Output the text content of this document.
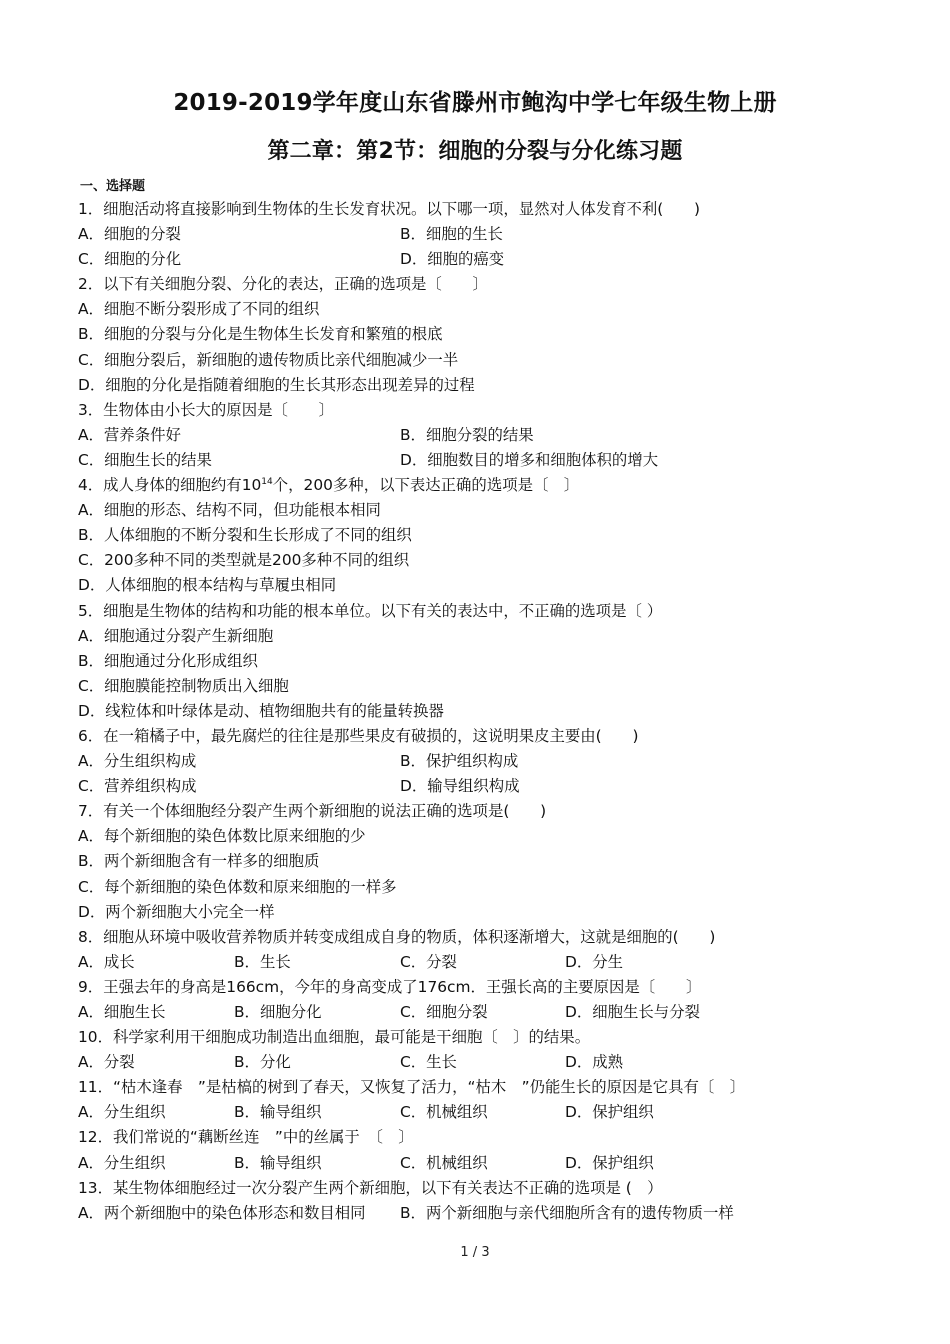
2019-2019学年度山东省滕州市鲍沟中学七年级生物上册
第二章：第2节：细胞的分裂与分化练习题
一、选择题
1．细胞活动将直接影响到生物体的生长发育状况。以下哪一项，显然对人体发育不利(　　)
A．细胞的分裂	B．细胞的生长
C．细胞的分化	D．细胞的癌变
2．以下有关细胞分裂、分化的表达，正确的选项是〔　　〕
A．细胞不断分裂形成了不同的组织
B．细胞的分裂与分化是生物体生长发育和繁殖的根底
C．细胞分裂后，新细胞的遗传物质比亲代细胞减少一半
D．细胞的分化是指随着细胞的生长其形态出现差异的过程
3．生物体由小长大的原因是〔　　〕
A．营养条件好	B．细胞分裂的结果
C．细胞生长的结果	D．细胞数目的增多和细胞体积的增大
4．成人身体的细胞约有$10^{14}$个，200多种，以下表达正确的选项是〔　〕
A．细胞的形态、结构不同，但功能根本相同
B．人体细胞的不断分裂和生长形成了不同的组织
C．200多种不同的类型就是200多种不同的组织
D．人体细胞的根本结构与草履虫相同
5．细胞是生物体的结构和功能的根本单位。以下有关的表达中，不正确的选项是〔 ）
A．细胞通过分裂产生新细胞
B．细胞通过分化形成组织
C．细胞膜能控制物质出入细胞
D．线粒体和叶绿体是动、植物细胞共有的能量转换器
6．在一箱橘子中，最先腐烂的往往是那些果皮有破损的，这说明果皮主要由(　　)
A．分生组织构成	B．保护组织构成
C．营养组织构成	D．输导组织构成
7．有关一个体细胞经分裂产生两个新细胞的说法正确的选项是(　　)
A．每个新细胞的染色体数比原来细胞的少
B．两个新细胞含有一样多的细胞质
C．每个新细胞的染色体数和原来细胞的一样多
D．两个新细胞大小完全一样
8．细胞从环境中吸收营养物质并转变成组成自身的物质，体积逐渐增大，这就是细胞的(　　)
A．成长	B．生长	C．分裂	D．分生
9．王强去年的身高是166cm，今年的身高变成了176cm．王强长高的主要原因是〔　　〕
A．细胞生长	B．细胞分化	C．细胞分裂	D．细胞生长与分裂
10．科学家利用干细胞成功制造出血细胞，最可能是干细胞〔　〕的结果。
A．分裂	B．分化	C．生长	D．成熟
11．“枯木逢春　”是枯槁的树到了春天，又恢复了活力，“枯木　”仍能生长的原因是它具有〔　〕
A．分生组织	B．输导组织	C．机械组织	D．保护组织
12．我们常说的“藕断丝连　”中的丝属于　〔　〕
A．分生组织	B．输导组织	C．机械组织	D．保护组织
13．某生物体细胞经过一次分裂产生两个新细胞，以下有关表达不正确的选项是 (　）
A．两个新细胞中的染色体形态和数目相同 B．两个新细胞与亲代细胞所含有的遗传物质一样
1 / 3
